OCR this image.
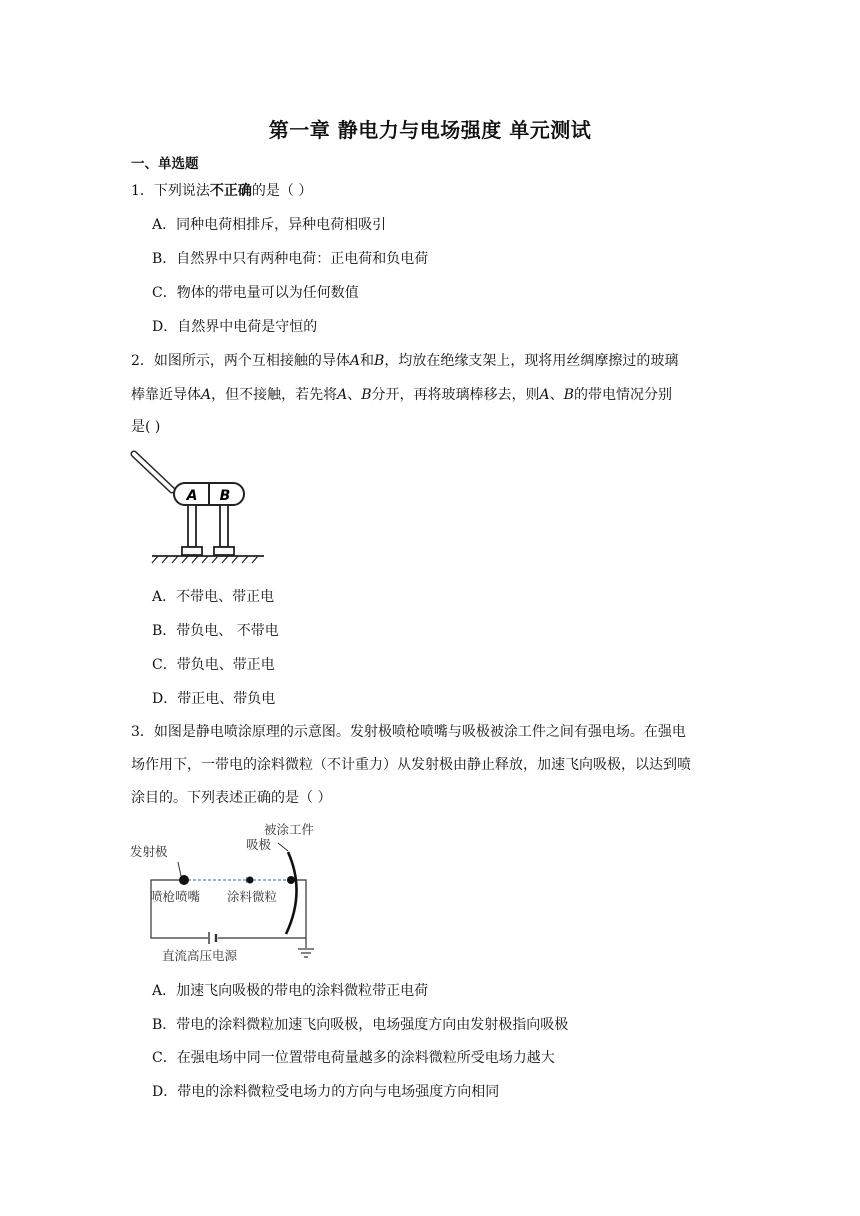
第一章 静电力与电场强度 单元测试
一、单选题
1．下列说法不正确的是（ ）
A．同种电荷相排斥，异种电荷相吸引
B．自然界中只有两种电荷：正电荷和负电荷
C．物体的带电量可以为任何数值
D．自然界中电荷是守恒的
2．如图所示，两个互相接触的导体A和B，均放在绝缘支架上，现将用丝绸摩擦过的玻璃
棒靠近导体A，但不接触，若先将A、B分开，再将玻璃棒移去，则A、B的带电情况分别
是( )
A B
A．不带电、带正电
B．带负电、 不带电
C．带负电、带正电
D．带正电、带负电
3．如图是静电喷涂原理的示意图。发射极喷枪喷嘴与吸极被涂工件之间有强电场。在强电
场作用下，一带电的涂料微粒（不计重力）从发射极由静止释放，加速飞向吸极，以达到喷
涂目的。下列表述正确的是（ ）
发射极
被涂工件
吸极
喷枪喷嘴 涂料微粒
直流高压电源
A．加速飞向吸极的带电的涂料微粒带正电荷
B．带电的涂料微粒加速飞向吸极，电场强度方向由发射极指向吸极
C．在强电场中同一位置带电荷量越多的涂料微粒所受电场力越大
D．带电的涂料微粒受电场力的方向与电场强度方向相同
